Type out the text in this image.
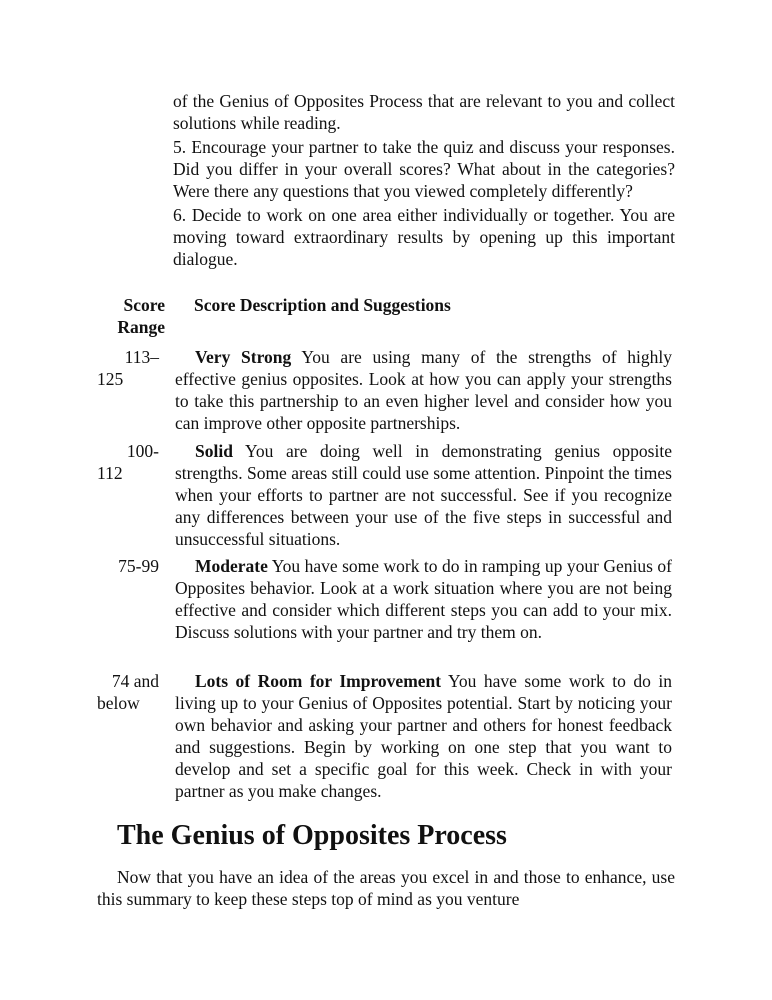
of the Genius of Opposites Process that are relevant to you and collect solutions while reading.

5. Encourage your partner to take the quiz and discuss your responses. Did you differ in your overall scores? What about in the categories? Were there any questions that you viewed completely differently?

6. Decide to work on one area either individually or together. You are moving toward extraordinary results by opening up this important dialogue.

Score
Range
Score Description and Suggestions
113–
125
Very Strong You are using many of the strengths of highly effective genius opposites. Look at how you can apply your strengths to take this partnership to an even higher level and consider how you can improve other opposite partnerships.
100-
112
Solid You are doing well in demonstrating genius opposite strengths. Some areas still could use some attention. Pinpoint the times when your efforts to partner are not successful. See if you recognize any differences between your use of the five steps in successful and unsuccessful situations.
75-99	Moderate You have some work to do in ramping up your Genius of Opposites behavior. Look at a work situation where you are not being effective and consider which different steps you can add to your mix. Discuss solutions with your partner and try them on.
74 and
below
Lots of Room for Improvement You have some work to do in living up to your Genius of Opposites potential. Start by noticing your own behavior and asking your partner and others for honest feedback and suggestions. Begin by working on one step that you want to develop and set a specific goal for this week. Check in with your partner as you make changes.
The Genius of Opposites Process

Now that you have an idea of the areas you excel in and those to enhance, use this summary to keep these steps top of mind as you venture
